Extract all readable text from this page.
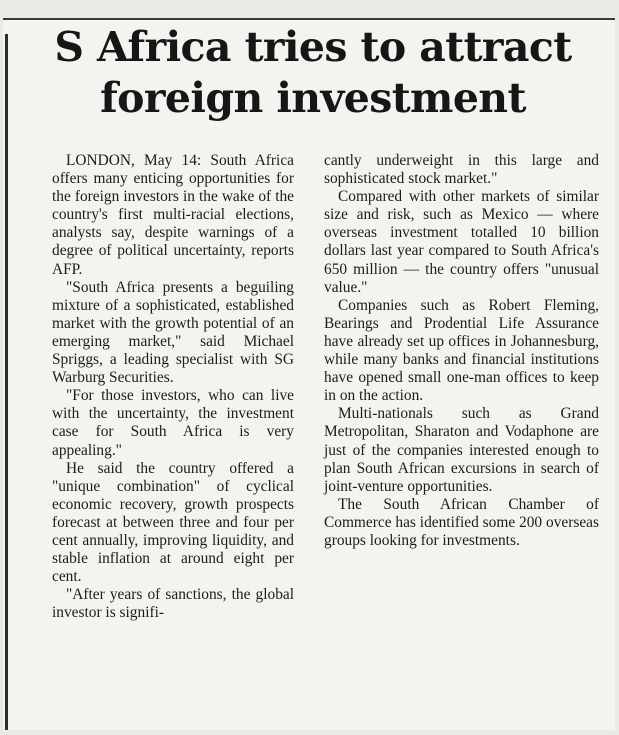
S Africa tries to attract foreign investment

LONDON, May 14: South Africa offers many enticing opportunities for the foreign investors in the wake of the country's first multi-racial elections, analysts say, despite warnings of a degree of political uncertainty, reports AFP.

"South Africa presents a beguiling mixture of a sophisticated, established market with the growth potential of an emerging market," said Michael Spriggs, a leading specialist with SG Warburg Securities.

"For those investors, who can live with the uncertainty, the investment case for South Africa is very appealing."

He said the country offered a "unique combination" of cyclical economic recovery, growth prospects forecast at between three and four per cent annually, improving liquidity, and stable inflation at around eight per cent.

"After years of sanctions, the global investor is signifi-

cantly underweight in this large and sophisticated stock market."

Compared with other markets of similar size and risk, such as Mexico — where overseas investment totalled 10 billion dollars last year compared to South Africa's 650 million — the country offers "unusual value."

Companies such as Robert Fleming, Bearings and Prodential Life Assurance have already set up offices in Johannesburg, while many banks and financial institutions have opened small one-man offices to keep in on the action.

Multi-nationals such as Grand Metropolitan, Sharaton and Vodaphone are just of the companies interested enough to plan South African excursions in search of joint-venture opportunities.

The South African Chamber of Commerce has identified some 200 overseas groups looking for investments.
